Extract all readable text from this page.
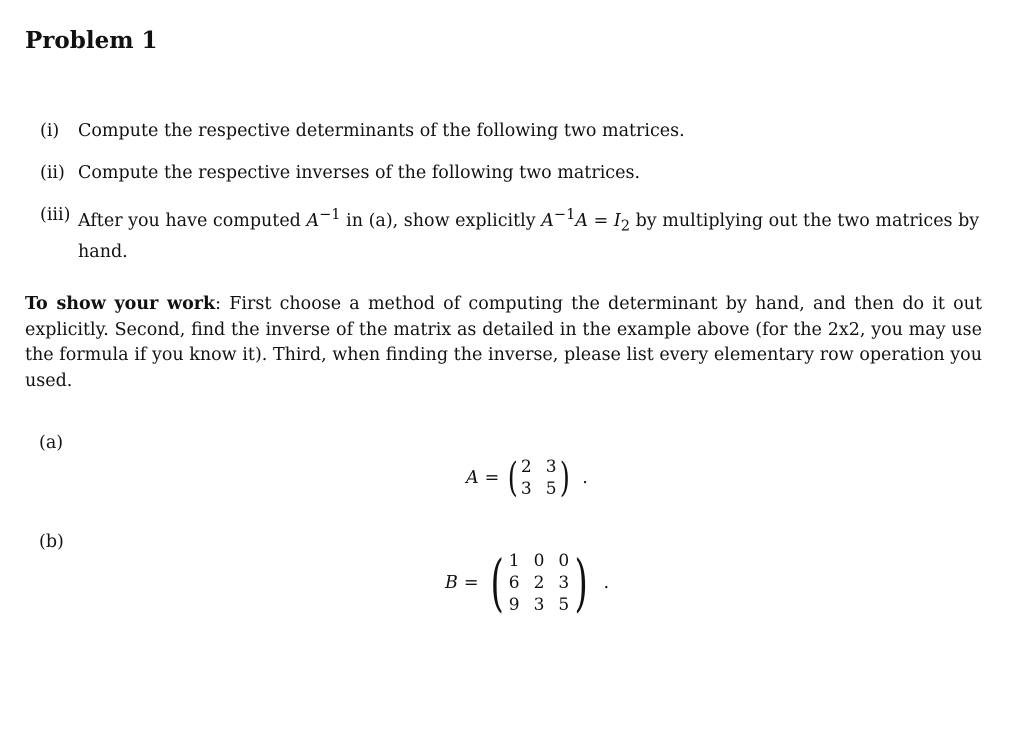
Problem 1
(i) Compute the respective determinants of the following two matrices.
(ii) Compute the respective inverses of the following two matrices.
(iii) After you have computed $A^{-1}$ in (a), show explicitly $A^{-1}A = I_2$ by multiplying out the two matrices by hand.
To show your work: First choose a method of computing the determinant by hand, and then do it out explicitly. Second, find the inverse of the matrix as detailed in the example above (for the 2x2, you may use the formula if you know it). Third, when finding the inverse, please list every elementary row operation you used.
(a)
A = ( 2 3
3 5 ) .
(b)
B = ( 1 0 0
6 2 3
9 3 5 ) .
